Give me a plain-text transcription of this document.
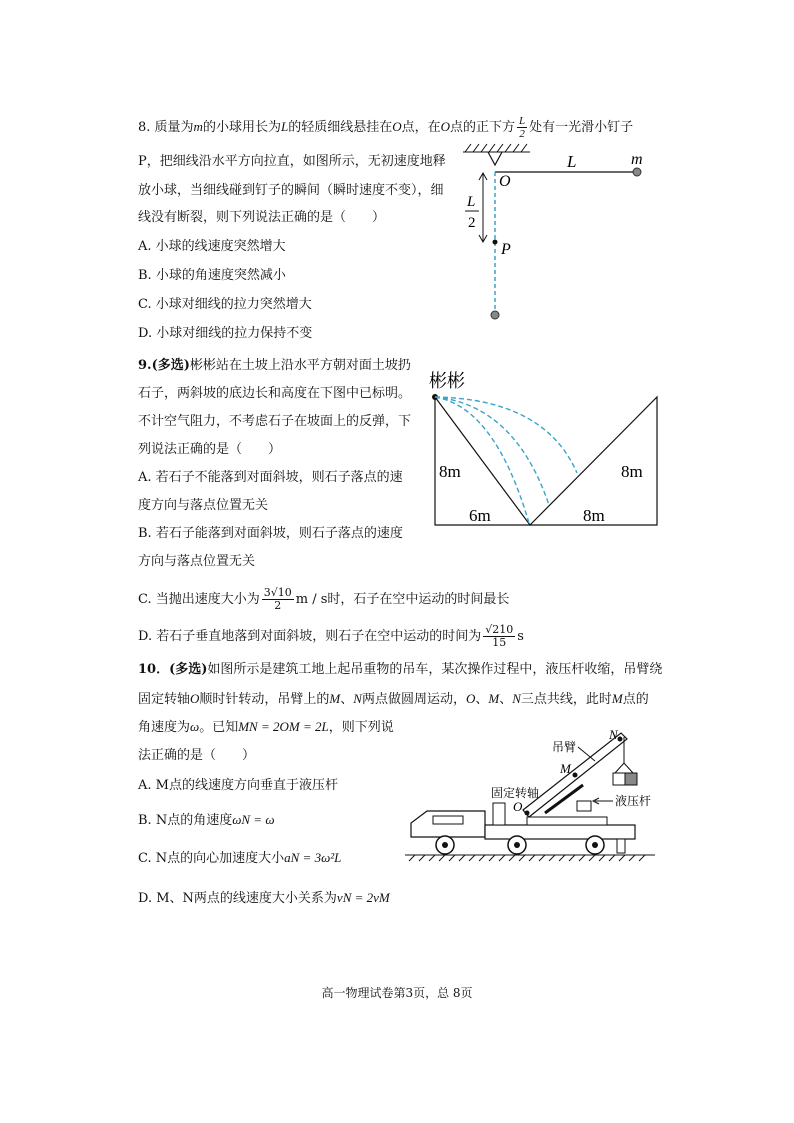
8. 质量为m的小球用长为L的轻质细线悬挂在O点，在O点的正下方 $\frac{L}{2}$ 处有一光滑小钉子
P，把细线沿水平方向拉直，如图所示，无初速度地释
放小球，当细线碰到钉子的瞬间（瞬时速度不变），细
线没有断裂，则下列说法正确的是（　　）
A. 小球的线速度突然增大
B. 小球的角速度突然减小
C. 小球对细线的拉力突然增大
D. 小球对细线的拉力保持不变
L	m
O
P
L
2
9.(多选)彬彬站在土坡上沿水平方朝对面土坡扔
石子，两斜坡的底边长和高度在下图中已标明。
不计空气阻力，不考虑石子在坡面上的反弹，下
列说法正确的是（　　）
A. 若石子不能落到对面斜坡，则石子落点的速
度方向与落点位置无关
B. 若石子能落到对面斜坡，则石子落点的速度
方向与落点位置无关
C. 当抛出速度大小为 $\frac{3√10}{2}$ m / s时，石子在空中运动的时间最长
D. 若石子垂直地落到对面斜坡，则石子在空中运动的时间为 $\frac{√210}{15}$ s
彬彬
8m	8m
6m	8m
10．(多选)如图所示是建筑工地上起吊重物的吊车，某次操作过程中，液压杆收缩，吊臂绕
固定转轴O顺时针转动，吊臂上的M、N两点做圆周运动，O、M、N三点共线，此时M点的
角速度为ω。已知MN = 2OM = 2L，则下列说
法正确的是（　　）
A. M点的线速度方向垂直于液压杆
B. N点的角速度ωN = ω
C. N点的向心加速度大小aN = 3ω²L
D. M、N两点的线速度大小关系为vN = 2vM
吊臂
N
M
固定转轴
O	液压杆
高一物理试卷第3页，总 8页
